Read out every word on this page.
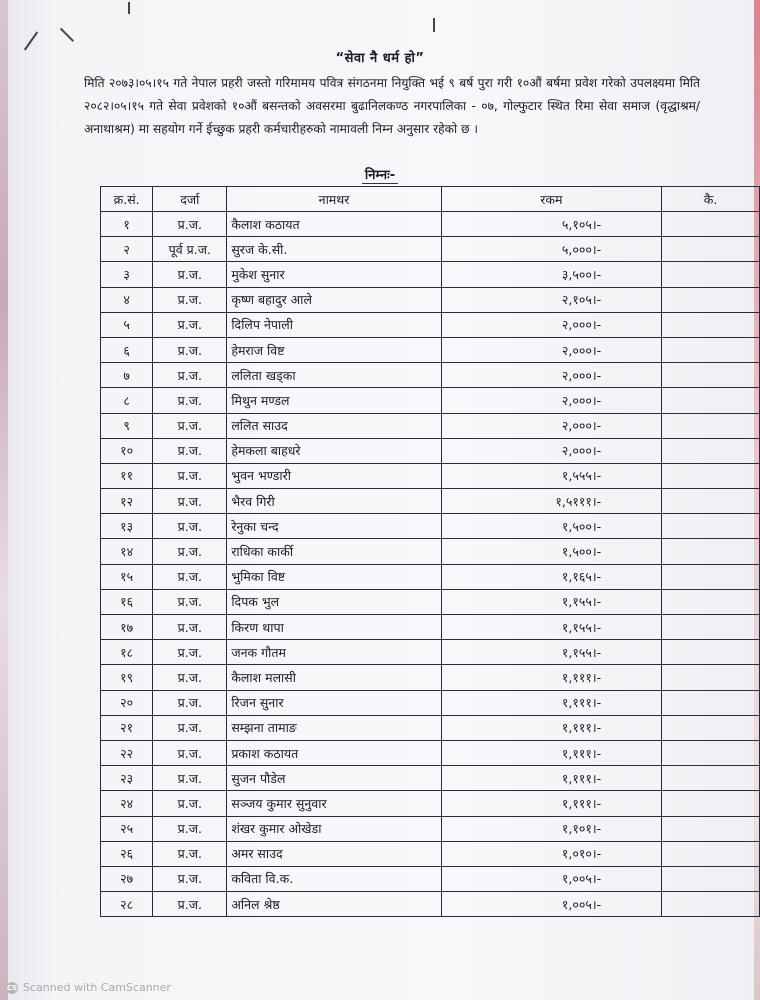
“सेवा नै धर्म हो”
मिति २०७३।०५।१५ गते नेपाल प्रहरी जस्तो गरिमामय पवित्र संगठनमा नियुक्ति भई ९ बर्ष पुरा गरी १०औं बर्षमा प्रवेश गरेको उपलक्ष्यमा मिति २०८२।०५।१५ गते सेवा प्रवेशको १०औं बसन्तको अवसरमा बुढानिलकण्ठ नगरपालिका - ०७, गोल्फुटार स्थित रिमा सेवा समाज (वृद्धाश्रम/अनाथाश्रम) मा सहयोग गर्ने ईच्छुक प्रहरी कर्मचारीहरुको नामावली निम्न अनुसार रहेको छ ।
निम्नः-
क्र.सं.	दर्जा	नामथर	रकम	कै.
१	प्र.ज.	कैलाश कठायत	५,१०५।-	
२	पूर्व प्र.ज.	सुरज के.सी.	५,०००।-	
३	प्र.ज.	मुकेश सुनार	३,५००।-	
४	प्र.ज.	कृष्ण बहादुर आले	२,१०५।-	
५	प्र.ज.	दिलिप नेपाली	२,०००।-	
६	प्र.ज.	हेमराज विष्ट	२,०००।-	
७	प्र.ज.	ललिता खड्का	२,०००।-	
८	प्र.ज.	मिथुन मण्डल	२,०००।-	
९	प्र.ज.	ललित साउद	२,०००।-	
१०	प्र.ज.	हेमकला बाहधरे	२,०००।-	
११	प्र.ज.	भुवन भण्डारी	१,५५५।-	
१२	प्र.ज.	भैरव गिरी	१,५१११।-	
१३	प्र.ज.	रेनुका चन्द	१,५००।-	
१४	प्र.ज.	राधिका कार्की	१,५००।-	
१५	प्र.ज.	भुमिका विष्ट	१,१६५।-	
१६	प्र.ज.	दिपक भुल	१,१५५।-	
१७	प्र.ज.	किरण थापा	१,१५५।-	
१८	प्र.ज.	जनक गौतम	१,१५५।-	
१९	प्र.ज.	कैलाश मलासी	१,१११।-	
२०	प्र.ज.	रिजन सुनार	१,१११।-	
२१	प्र.ज.	सम्झना तामाङ	१,१११।-	
२२	प्र.ज.	प्रकाश कठायत	१,१११।-	
२३	प्र.ज.	सुजन पौडेल	१,१११।-	
२४	प्र.ज.	सञ्जय कुमार सुनुवार	१,१११।-	
२५	प्र.ज.	शंखर कुमार ओखेडा	१,१०१।-	
२६	प्र.ज.	अमर साउद	१,०१०।-	
२७	प्र.ज.	कविता वि.क.	१,००५।-	
२८	प्र.ज.	अनिल श्रेष्ठ	१,००५।-	
CS Scanned with CamScanner
